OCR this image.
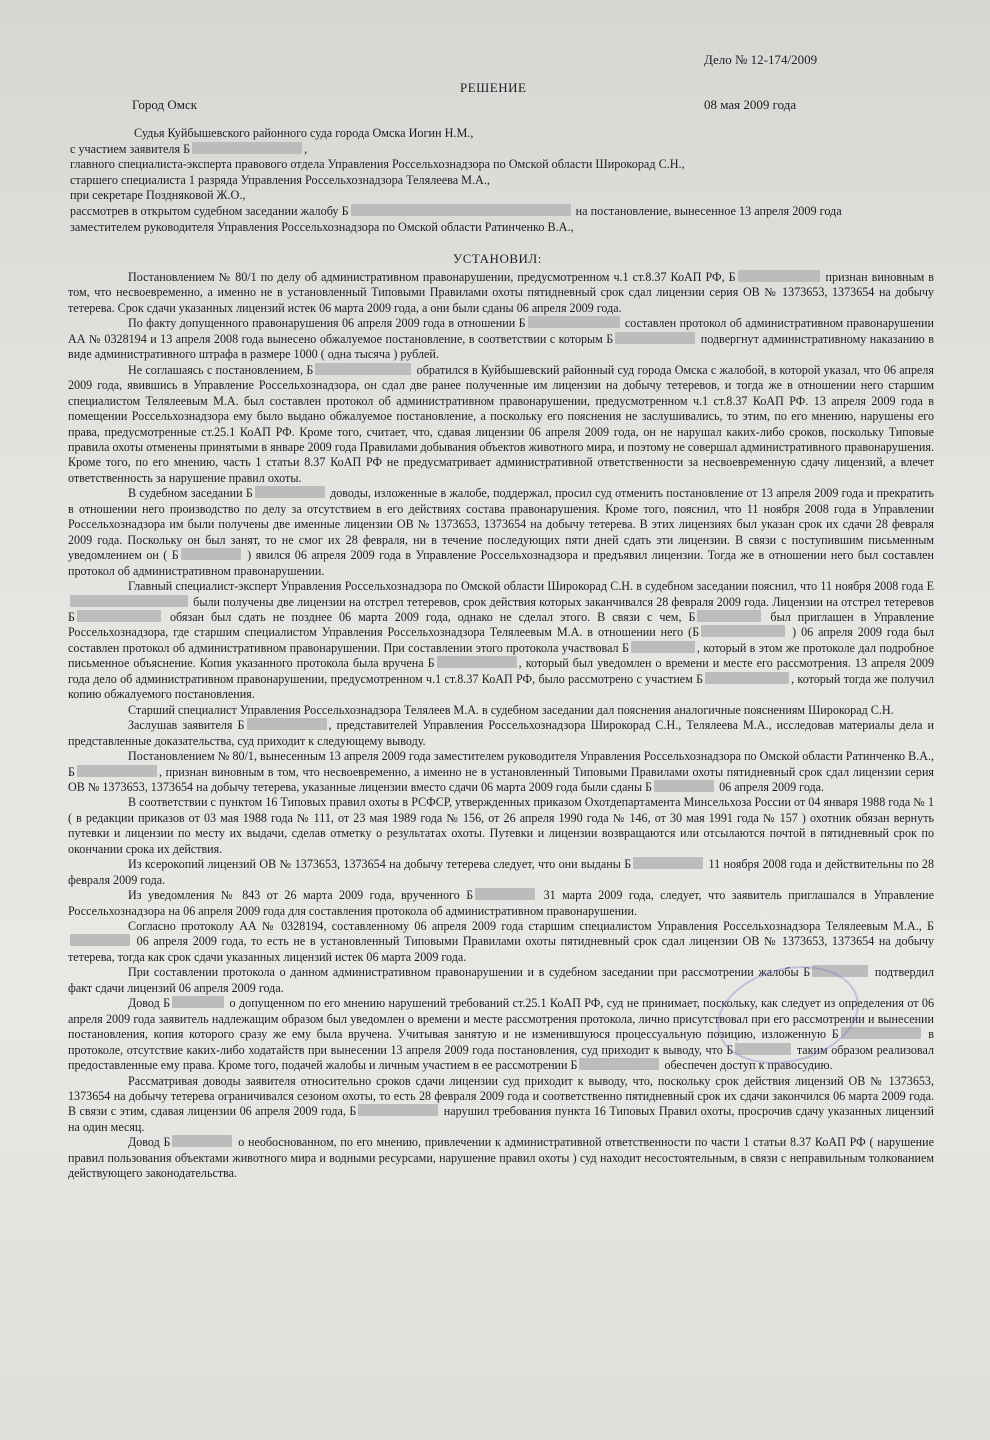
Дело № 12-174/2009
РЕШЕНИЕ
Город Омск	08 мая 2009 года

Судья Куйбышевского районного суда города Омска Иогин Н.М.,

с участием заявителя Б	,

главного специалиста-эксперта правового отдела Управления Россельхознадзора по Омской области Широкорад С.Н.,

старшего специалиста 1 разряда Управления Россельхознадзора Телялеева М.А.,

при секретаре Поздняковой Ж.О.,

рассмотрев в открытом судебном заседании жалобу Б	на постановление, вынесенное 13 апреля 2009 года

заместителем руководителя Управления Россельхознадзора по Омской области Ратинченко В.А.,

УСТАНОВИЛ:

Постановлением № 80/1 по делу об административном правонарушении, предусмотренном ч.1 ст.8.37 КоАП РФ, Б	признан виновным в том, что несвоевременно, а именно не в установленный Типовыми Правилами охоты пятидневный срок сдал лицензии серия ОВ № 1373653, 1373654 на добычу тетерева. Срок сдачи указанных лицензий истек 06 марта 2009 года, а они были сданы 06 апреля 2009 года.

По факту допущенного правонарушения 06 апреля 2009 года в отношении Б	составлен протокол об административном правонарушении АА № 0328194 и 13 апреля 2008 года вынесено обжалуемое постановление, в соответствии с которым Б	подвергнут административному наказанию в виде административного штрафа в размере 1000 ( одна тысяча ) рублей.

Не соглашаясь с постановлением, Б	обратился в Куйбышевский районный суд города Омска с жалобой, в которой указал, что 06 апреля 2009 года, явившись в Управление Россельхознадзора, он сдал две ранее полученные им лицензии на добычу тетеревов, и тогда же в отношении него старшим специалистом Телялеевым М.А. был составлен протокол об административном правонарушении, предусмотренном ч.1 ст.8.37 КоАП РФ. 13 апреля 2009 года в помещении Россельхознадзора ему было выдано обжалуемое постановление, а поскольку его пояснения не заслушивались, то этим, по его мнению, нарушены его права, предусмотренные ст.25.1 КоАП РФ. Кроме того, считает, что, сдавая лицензии 06 апреля 2009 года, он не нарушал каких-либо сроков, поскольку Типовые правила охоты отменены принятыми в январе 2009 года Правилами добывания объектов животного мира, и поэтому не совершал административного правонарушения. Кроме того, по его мнению, часть 1 статьи 8.37 КоАП РФ не предусматривает административной ответственности за несвоевременную сдачу лицензий, а влечет ответственность за нарушение правил охоты.

В судебном заседании Б	доводы, изложенные в жалобе, поддержал, просил суд отменить постановление от 13 апреля 2009 года и прекратить в отношении него производство по делу за отсутствием в его действиях состава правонарушения. Кроме того, пояснил, что 11 ноября 2008 года в Управлении Россельхознадзора им были получены две именные лицензии ОВ № 1373653, 1373654 на добычу тетерева. В этих лицензиях был указан срок их сдачи 28 февраля 2009 года. Поскольку он был занят, то не смог их 28 февраля, ни в течение последующих пяти дней сдать эти лицензии. В связи с поступившим письменным уведомлением он ( Б	) явился 06 апреля 2009 года в Управление Россельхознадзора и предъявил лицензии. Тогда же в отношении него был составлен протокол об административном правонарушении.

Главный специалист-эксперт Управления Россельхознадзора по Омской области Широкорад С.Н. в судебном заседании пояснил, что 11 ноября 2008 года Е были получены две лицензии на отстрел тетеревов, срок действия которых заканчивался 28 февраля 2009 года. Лицензии на отстрел тетеревов Б	обязан был сдать не позднее 06 марта 2009 года, однако не сделал этого. В связи с чем, Б	был приглашен в Управление Россельхознадзора, где старшим специалистом Управления Россельхознадзора Телялеевым М.А. в отношении него (Б	) 06 апреля 2009 года был составлен протокол об административном правонарушении. При составлении этого протокола участвовал Б	, который в этом же протоколе дал подробное письменное объяснение. Копия указанного протокола была вручена Б	, который был уведомлен о времени и месте его рассмотрения. 13 апреля 2009 года дело об административном правонарушении, предусмотренном ч.1 ст.8.37 КоАП РФ, было рассмотрено с участием Б	, который тогда же получил копию обжалуемого постановления.

Старший специалист Управления Россельхознадзора Телялеев М.А. в судебном заседании дал пояснения аналогичные пояснениям Широкорад С.Н.

Заслушав заявителя Б	, представителей Управления Россельхознадзора Широкорад С.Н., Телялеева М.А., исследовав материалы дела и представленные доказательства, суд приходит к следующему выводу.

Постановлением № 80/1, вынесенным 13 апреля 2009 года заместителем руководителя Управления Россельхознадзора по Омской области Ратинченко В.А., Б	, признан виновным в том, что несвоевременно, а именно не в установленный Типовыми Правилами охоты пятидневный срок сдал лицензии серия ОВ № 1373653, 1373654 на добычу тетерева, указанные лицензии вместо сдачи 06 марта 2009 года были сданы Б	06 апреля 2009 года.

В соответствии с пунктом 16 Типовых правил охоты в РСФСР, утвержденных приказом Охотдепартамента Минсельхоза России от 04 января 1988 года № 1 ( в редакции приказов от 03 мая 1988 года № 111, от 23 мая 1989 года № 156, от 26 апреля 1990 года № 146, от 30 мая 1991 года № 157 ) охотник обязан вернуть путевки и лицензии по месту их выдачи, сделав отметку о результатах охоты. Путевки и лицензии возвращаются или отсылаются почтой в пятидневный срок по окончании срока их действия.

Из ксерокопий лицензий ОВ № 1373653, 1373654 на добычу тетерева следует, что они выданы Б	11 ноября 2008 года и действительны по 28 февраля 2009 года.

Из уведомления № 843 от 26 марта 2009 года, врученного Б	31 марта 2009 года, следует, что заявитель приглашался в Управление Россельхознадзора на 06 апреля 2009 года для составления протокола об административном правонарушении.

Согласно протоколу АА № 0328194, составленному 06 апреля 2009 года старшим специалистом Управления Россельхознадзора Телялеевым М.А., Б 06 апреля 2009 года, то есть не в установленный Типовыми Правилами охоты пятидневный срок сдал лицензии ОВ № 1373653, 1373654 на добычу тетерева, тогда как срок сдачи указанных лицензий истек 06 марта 2009 года.

При составлении протокола о данном административном правонарушении и в судебном заседании при рассмотрении жалобы Б	подтвердил факт сдачи лицензий 06 апреля 2009 года.

Довод Б	о допущенном по его мнению нарушений требований ст.25.1 КоАП РФ, суд не принимает, поскольку, как следует из определения от 06 апреля 2009 года заявитель надлежащим образом был уведомлен о времени и месте рассмотрения протокола, лично присутствовал при его рассмотрении и вынесении постановления, копия которого сразу же ему была вручена. Учитывая занятую и не изменившуюся процессуальную позицию, изложенную Б	в протоколе, отсутствие каких-либо ходатайств при вынесении 13 апреля 2009 года постановления, суд приходит к выводу, что Б	таким образом реализовал предоставленные ему права. Кроме того, подачей жалобы и личным участием в ее рассмотрении Б	обеспечен доступ к правосудию.

Рассматривая доводы заявителя относительно сроков сдачи лицензии суд приходит к выводу, что, поскольку срок действия лицензий ОВ № 1373653, 1373654 на добычу тетерева ограничивался сезоном охоты, то есть 28 февраля 2009 года и соответственно пятидневный срок их сдачи закончился 06 марта 2009 года. В связи с этим, сдавая лицензии 06 апреля 2009 года, Б	нарушил требования пункта 16 Типовых Правил охоты, просрочив сдачу указанных лицензий на один месяц.

Довод Б	о необоснованном, по его мнению, привлечении к административной ответственности по части 1 статьи 8.37 КоАП РФ ( нарушение правил пользования объектами животного мира и водными ресурсами, нарушение правил охоты ) суд находит несостоятельным, в связи с неправильным толкованием действующего законодательства.
